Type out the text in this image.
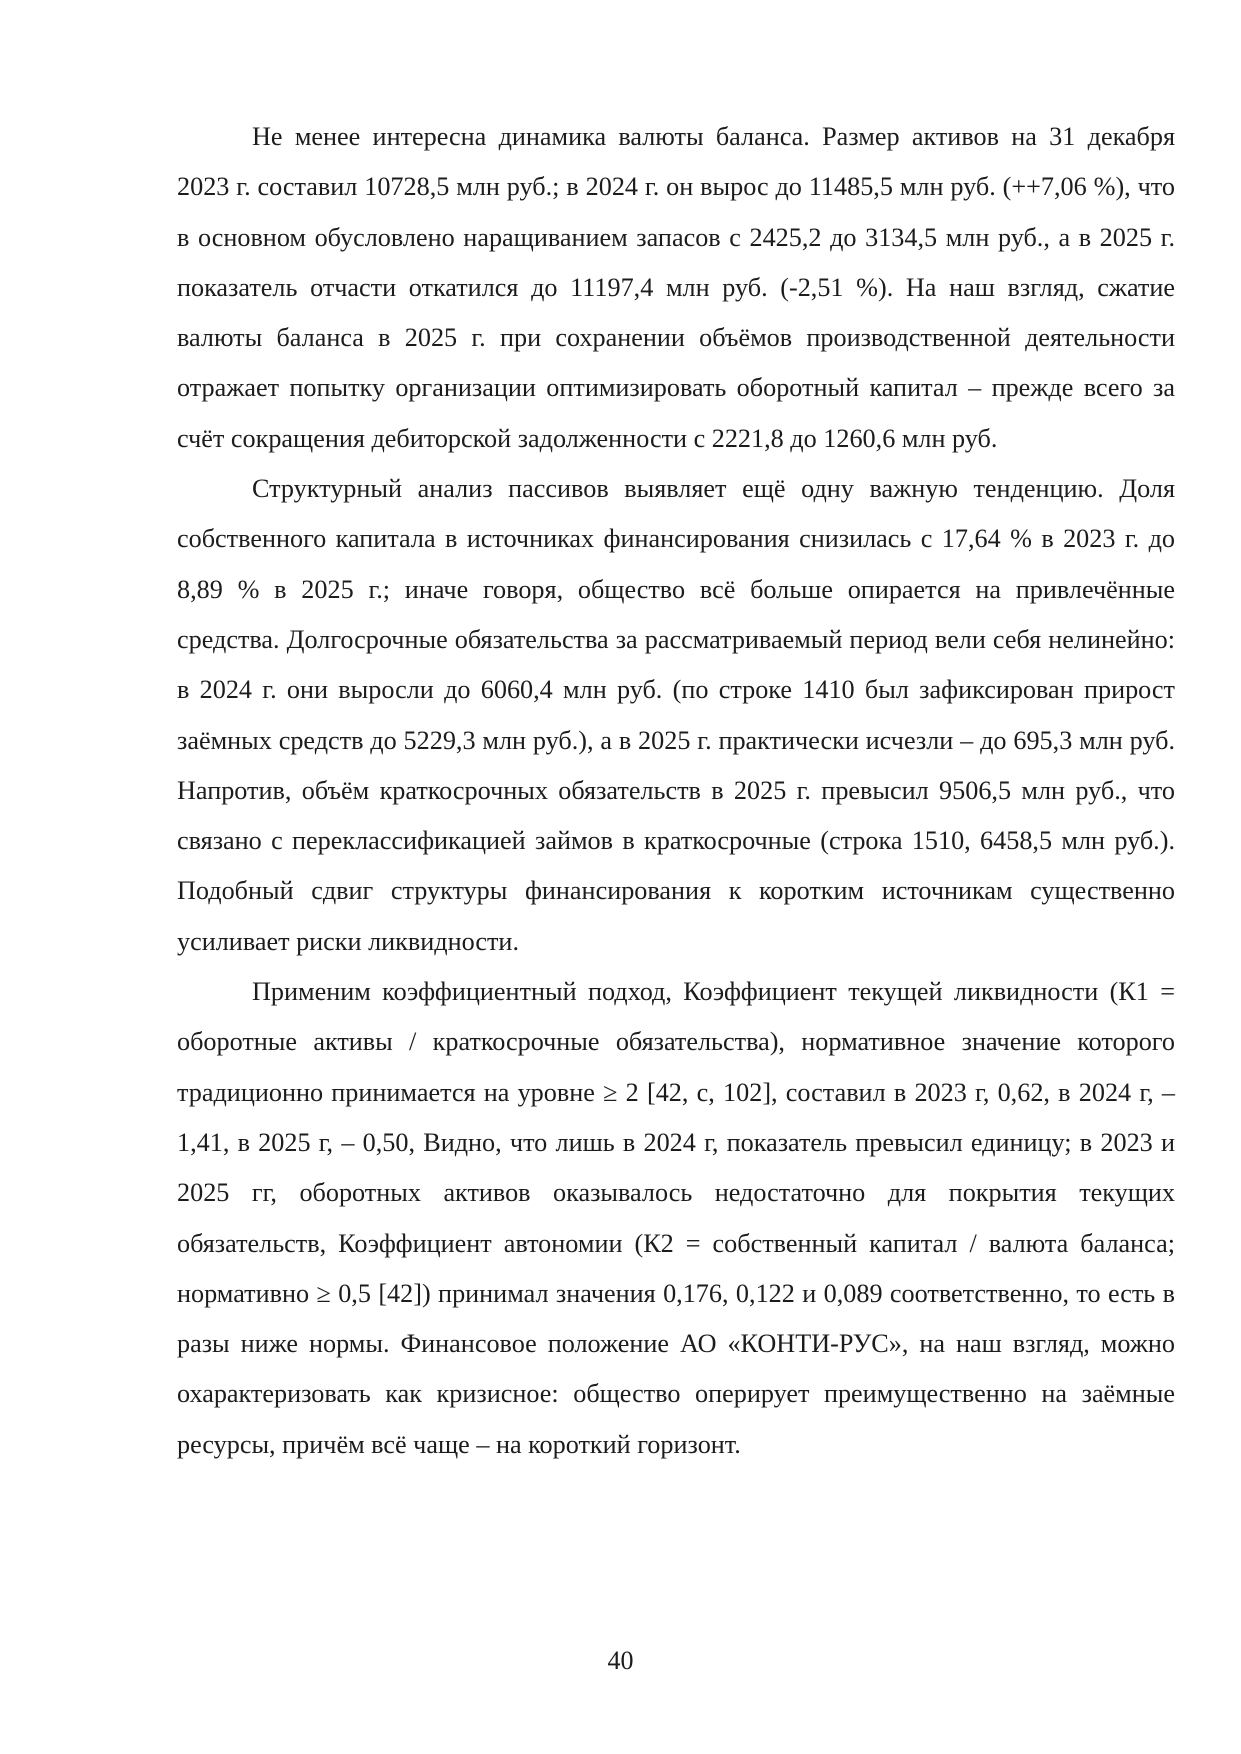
Не менее интересна динамика валюты баланса. Размер активов на 31 декабря 2023 г. составил 10728,5 млн руб.; в 2024 г. он вырос до 11485,5 млн руб. (++7,06 %), что в основном обусловлено наращиванием запасов с 2425,2 до 3134,5 млн руб., а в 2025 г. показатель отчасти откатился до 11197,4 млн руб. (-2,51 %). На наш взгляд, сжатие валюты баланса в 2025 г. при сохранении объёмов производственной деятельности отражает попытку организации оптимизировать оборотный капитал – прежде всего за счёт сокращения дебиторской задолженности с 2221,8 до 1260,6 млн руб.

Структурный анализ пассивов выявляет ещё одну важную тенденцию. Доля собственного капитала в источниках финансирования снизилась с 17,64 % в 2023 г. до 8,89 % в 2025 г.; иначе говоря, общество всё больше опирается на привлечённые средства. Долгосрочные обязательства за рассматриваемый период вели себя нелинейно: в 2024 г. они выросли до 6060,4 млн руб. (по строке 1410 был зафиксирован прирост заёмных средств до 5229,3 млн руб.), а в 2025 г. практически исчезли – до 695,3 млн руб. Напротив, объём краткосрочных обязательств в 2025 г. превысил 9506,5 млн руб., что связано с переклассификацией займов в краткосрочные (строка 1510, 6458,5 млн руб.). Подобный сдвиг структуры финансирования к коротким источникам существенно усиливает риски ликвидности.

Применим коэффициентный подход, Коэффициент текущей ликвидности (К1 = оборотные активы / краткосрочные обязательства), нормативное значение которого традиционно принимается на уровне ≥ 2 [42, с, 102], составил в 2023 г, 0,62, в 2024 г, – 1,41, в 2025 г, – 0,50, Видно, что лишь в 2024 г, показатель превысил единицу; в 2023 и 2025 гг, оборотных активов оказывалось недостаточно для покрытия текущих обязательств, Коэффициент автономии (К2 = собственный капитал / валюта баланса; нормативно ≥ 0,5 [42]) принимал значения 0,176, 0,122 и 0,089 соответственно, то есть в разы ниже нормы. Финансовое положение АО «КОНТИ-РУС», на наш взгляд, можно охарактеризовать как кризисное: общество оперирует преимущественно на заёмные ресурсы, причём всё чаще – на короткий горизонт.

40
